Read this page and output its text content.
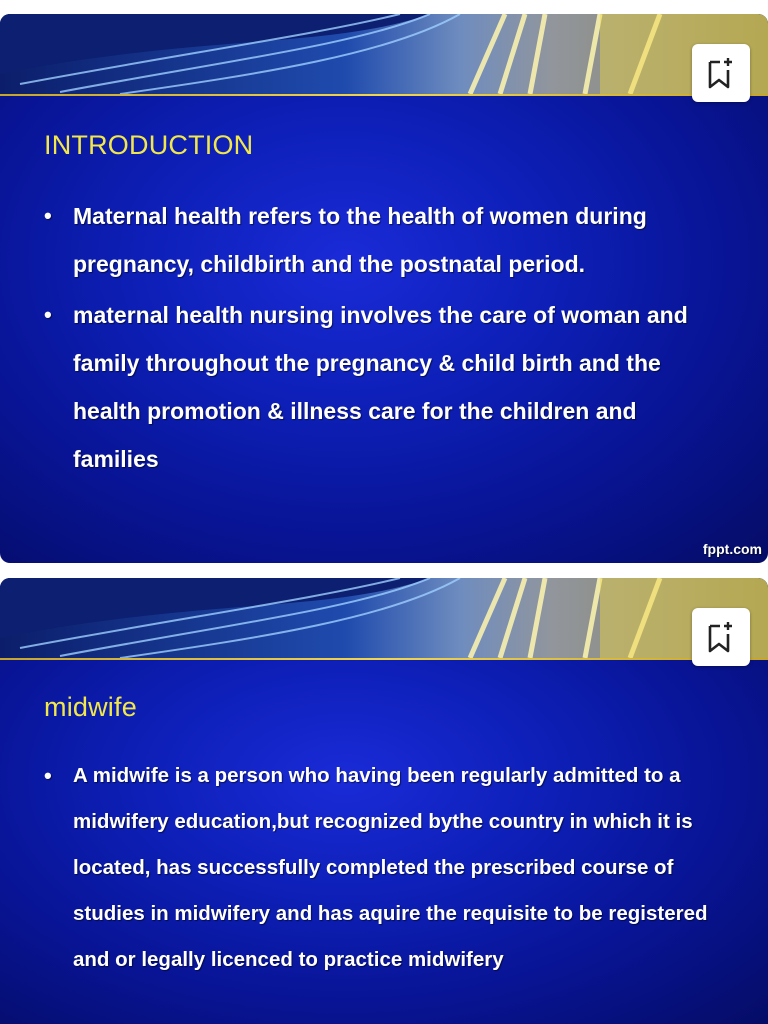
INTRODUCTION
• Maternal health refers to the health of women during pregnancy, childbirth and the postnatal period.
• maternal health nursing involves the care of woman and family throughout the pregnancy & child birth and the health promotion & illness care for the children and families
fppt.com
midwife
• A midwife is a person who having been regularly admitted to a midwifery education,but recognized bythe country in which it is located, has successfully completed the prescribed course of studies in midwifery and has aquire the requisite to be registered and or legally licenced to practice midwifery
